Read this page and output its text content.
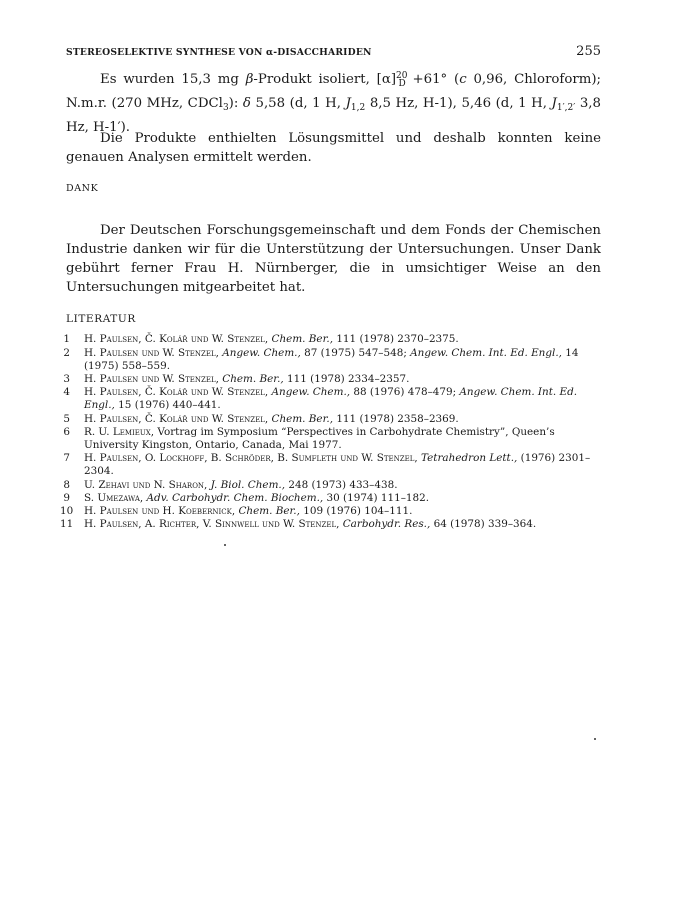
STEREOSELEKTIVE SYNTHESE VON α-DISACCHARIDEN	255

Es wurden 15,3 mg β-Produkt isoliert, $[\alpha]^{20}_D +61^\circ$ (c 0,96, Chloroform); N.m.r. (270 MHz, CDCl$_3$): δ 5,58 (d, 1 H, $J_{1,2}$ 8,5 Hz, H-1), 5,46 (d, 1 H, $J_{1',2'}$ 3,8 Hz, H-1′).

Die Produkte enthielten Lösungsmittel und deshalb konnten keine genauen Analysen ermittelt werden.

DANK

Der Deutschen Forschungsgemeinschaft und dem Fonds der Chemischen Industrie danken wir für die Unterstützung der Untersuchungen. Unser Dank gebührt ferner Frau H. Nürnberger, die in umsichtiger Weise an den Untersuchungen mitgearbeitet hat.

LITERATUR
1 H. Paulsen, Č. Kolář und W. Stenzel, Chem. Ber., 111 (1978) 2370–2375.
2 H. Paulsen und W. Stenzel, Angew. Chem., 87 (1975) 547–548; Angew. Chem. Int. Ed. Engl., 14 (1975) 558–559.
3 H. Paulsen und W. Stenzel, Chem. Ber., 111 (1978) 2334–2357.
4 H. Paulsen, Č. Kolář und W. Stenzel, Angew. Chem., 88 (1976) 478–479; Angew. Chem. Int. Ed. Engl., 15 (1976) 440–441.
5 H. Paulsen, Č. Kolář und W. Stenzel, Chem. Ber., 111 (1978) 2358–2369.
6 R. U. Lemieux, Vortrag im Symposium “Perspectives in Carbohydrate Chemistry”, Queen’s University Kingston, Ontario, Canada, Mai 1977.
7 H. Paulsen, O. Lockhoff, B. Schröder, B. Sumfleth und W. Stenzel, Tetrahedron Lett., (1976) 2301–2304.
8 U. Zehavi und N. Sharon, J. Biol. Chem., 248 (1973) 433–438.
9 S. Umezawa, Adv. Carbohydr. Chem. Biochem., 30 (1974) 111–182.
10 H. Paulsen und H. Koebernick, Chem. Ber., 109 (1976) 104–111.
11 H. Paulsen, A. Richter, V. Sinnwell und W. Stenzel, Carbohydr. Res., 64 (1978) 339–364.
